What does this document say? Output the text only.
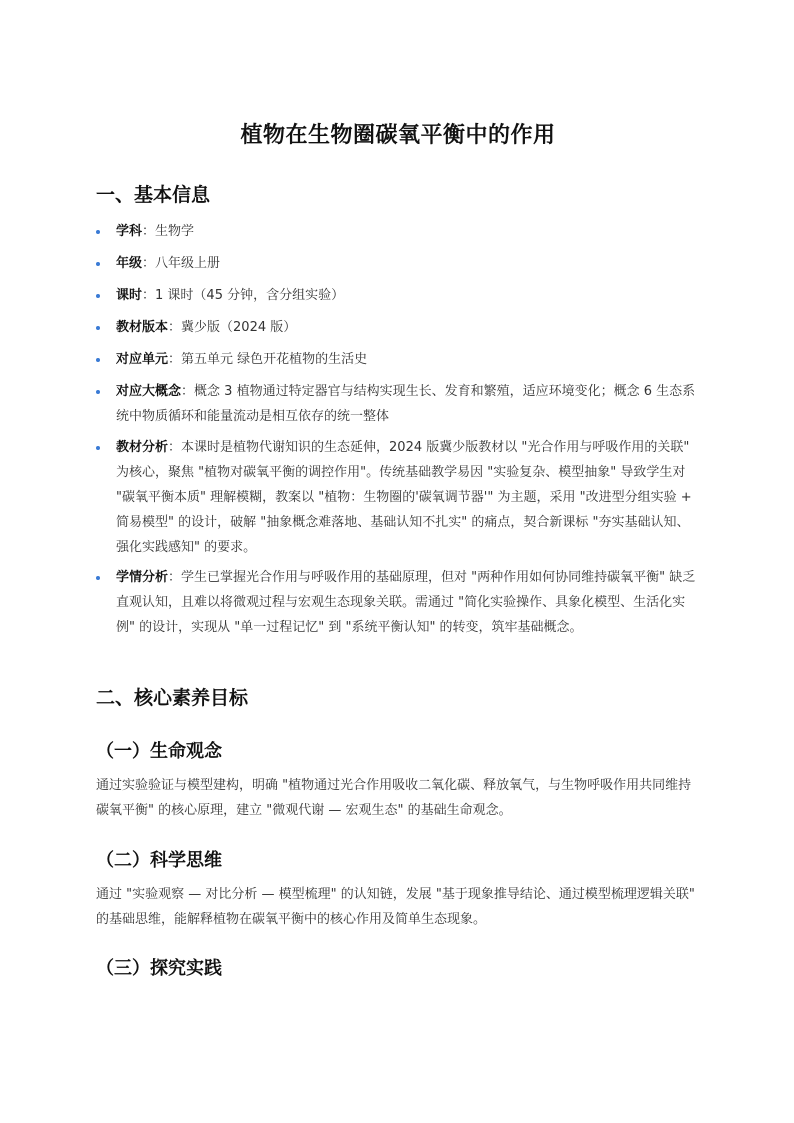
植物在生物圈碳氧平衡中的作用
一、基本信息
学科：生物学
年级：八年级上册
课时：1 课时（45 分钟，含分组实验）
教材版本：冀少版（2024 版）
对应单元：第五单元 绿色开花植物的生活史
对应大概念：概念 3 植物通过特定器官与结构实现生长、发育和繁殖，适应环境变化；概念 6 生态系统中物质循环和能量流动是相互依存的统一整体
教材分析：本课时是植物代谢知识的生态延伸，2024 版冀少版教材以 "光合作用与呼吸作用的关联" 为核心，聚焦 "植物对碳氧平衡的调控作用"。传统基础教学易因 "实验复杂、模型抽象" 导致学生对 "碳氧平衡本质" 理解模糊，教案以 "植物：生物圈的'碳氧调节器'" 为主题，采用 "改进型分组实验 + 简易模型" 的设计，破解 "抽象概念难落地、基础认知不扎实" 的痛点，契合新课标 "夯实基础认知、强化实践感知" 的要求。
学情分析：学生已掌握光合作用与呼吸作用的基础原理，但对 "两种作用如何协同维持碳氧平衡" 缺乏直观认知，且难以将微观过程与宏观生态现象关联。需通过 "简化实验操作、具象化模型、生活化实例" 的设计，实现从 "单一过程记忆" 到 "系统平衡认知" 的转变，筑牢基础概念。
二、核心素养目标
（一）生命观念
通过实验验证与模型建构，明确 "植物通过光合作用吸收二氧化碳、释放氧气，与生物呼吸作用共同维持碳氧平衡" 的核心原理，建立 "微观代谢 — 宏观生态" 的基础生命观念。
（二）科学思维
通过 "实验观察 — 对比分析 — 模型梳理" 的认知链，发展 "基于现象推导结论、通过模型梳理逻辑关联" 的基础思维，能解释植物在碳氧平衡中的核心作用及简单生态现象。
（三）探究实践
